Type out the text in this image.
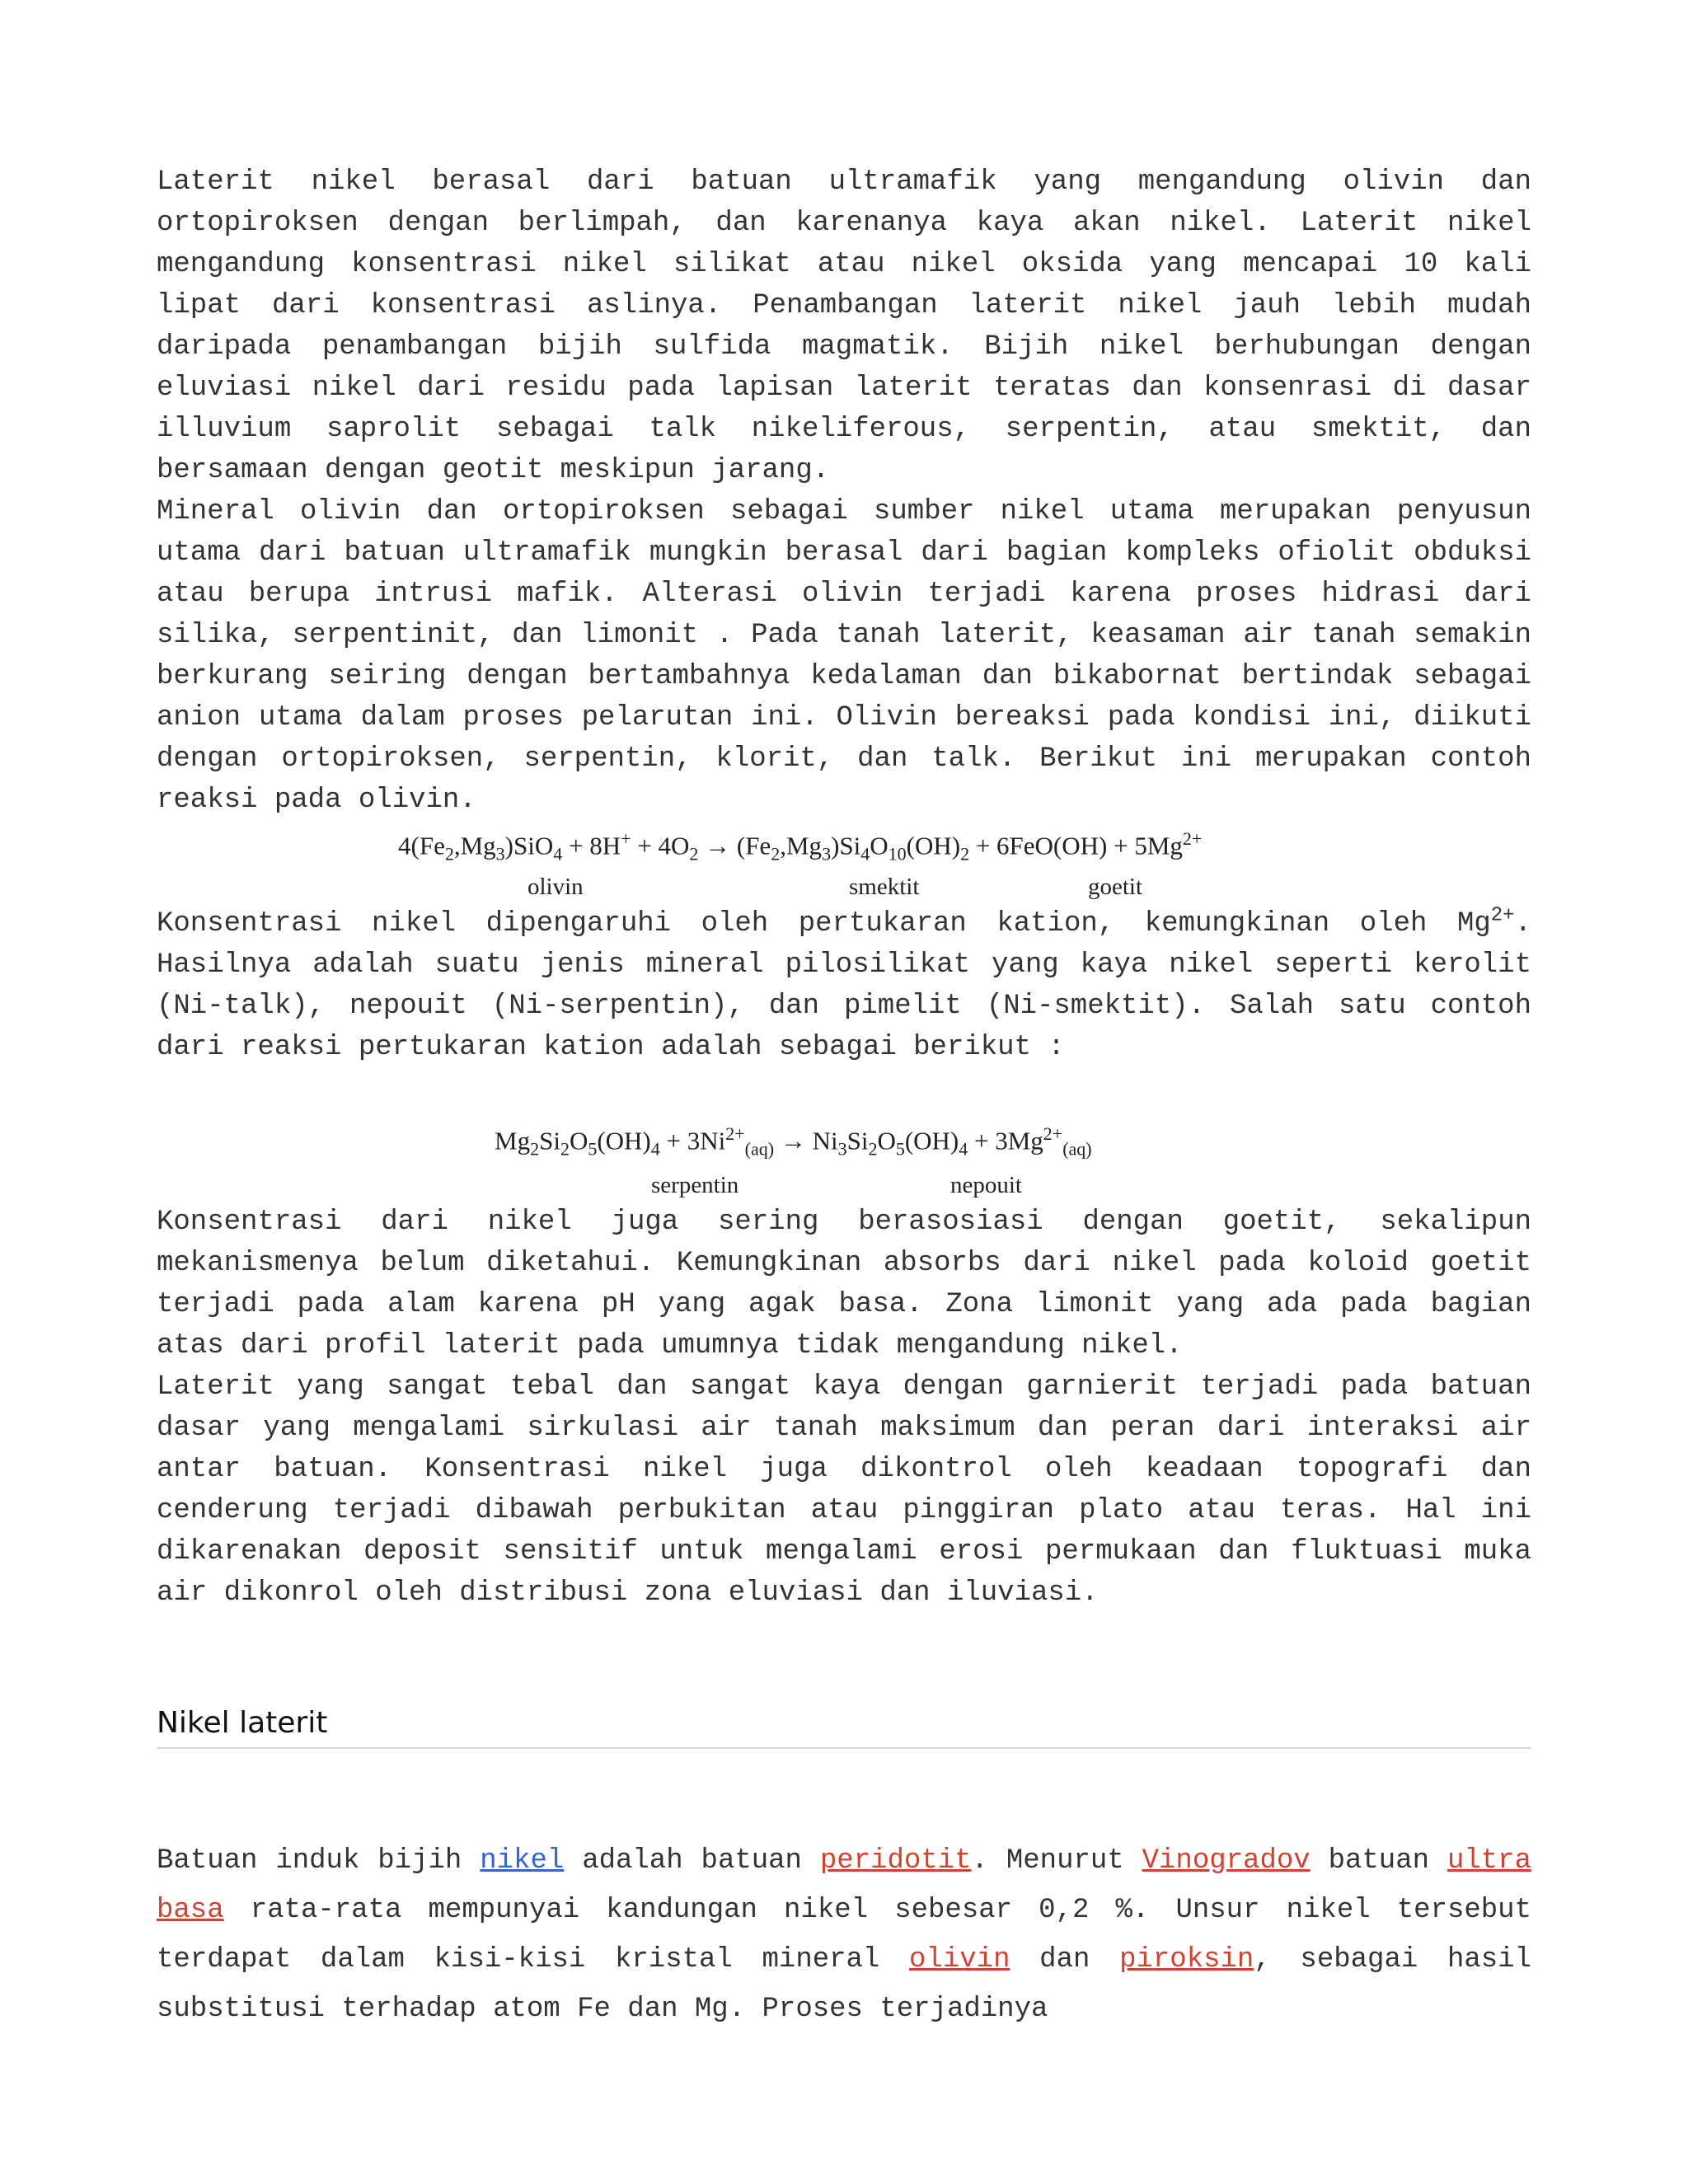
Laterit nikel berasal dari batuan ultramafik yang mengandung olivin dan ortopiroksen dengan berlimpah, dan karenanya kaya akan nikel. Laterit nikel mengandung konsentrasi nikel silikat atau nikel oksida yang mencapai 10 kali lipat dari konsentrasi aslinya. Penambangan laterit nikel jauh lebih mudah daripada penambangan bijih sulfida magmatik. Bijih nikel berhubungan dengan eluviasi nikel dari residu pada lapisan laterit teratas dan konsenrasi di dasar illuvium saprolit sebagai talk nikeliferous, serpentin, atau smektit, dan bersamaan dengan geotit meskipun jarang.

Mineral olivin dan ortopiroksen sebagai sumber nikel utama merupakan penyusun utama dari batuan ultramafik mungkin berasal dari bagian kompleks ofiolit obduksi atau berupa intrusi mafik. Alterasi olivin terjadi karena proses hidrasi dari silika, serpentinit, dan limonit . Pada tanah laterit, keasaman air tanah semakin berkurang seiring dengan bertambahnya kedalaman dan bikabornat bertindak sebagai anion utama dalam proses pelarutan ini. Olivin bereaksi pada kondisi ini, diikuti dengan ortopiroksen, serpentin, klorit, dan talk. Berikut ini merupakan contoh reaksi pada olivin.

$4(Fe_2,Mg_3)SiO_4 + 8H^+ + 4O_2 \to (Fe_2,Mg_3)Si_4O_{10}(OH)_2 + 6FeO(OH) + 5Mg^{2+}$
olivin	smektit	goetit

Konsentrasi nikel dipengaruhi oleh pertukaran kation, kemungkinan oleh $Mg^{2+}$. Hasilnya adalah suatu jenis mineral pilosilikat yang kaya nikel seperti kerolit (Ni-talk), nepouit (Ni-serpentin), dan pimelit (Ni-smektit). Salah satu contoh dari reaksi pertukaran kation adalah sebagai berikut :

$Mg_2Si_2O_5(OH)_4 + 3Ni^{2+}_{(aq)} \to Ni_3Si_2O_5(OH)_4 + 3Mg^{2+}_{(aq)}$
serpentin	nepouit

Konsentrasi dari nikel juga sering berasosiasi dengan goetit, sekalipun mekanismenya belum diketahui. Kemungkinan absorbs dari nikel pada koloid goetit terjadi pada alam karena pH yang agak basa. Zona limonit yang ada pada bagian atas dari profil laterit pada umumnya tidak mengandung nikel.

Laterit yang sangat tebal dan sangat kaya dengan garnierit terjadi pada batuan dasar yang mengalami sirkulasi air tanah maksimum dan peran dari interaksi air antar batuan. Konsentrasi nikel juga dikontrol oleh keadaan topografi dan cenderung terjadi dibawah perbukitan atau pinggiran plato atau teras. Hal ini dikarenakan deposit sensitif untuk mengalami erosi permukaan dan fluktuasi muka air dikonrol oleh distribusi zona eluviasi dan iluviasi.

Nikel laterit

Batuan induk bijih nikel adalah batuan peridotit. Menurut Vinogradov batuan ultra basa rata-rata mempunyai kandungan nikel sebesar 0,2 %. Unsur nikel tersebut terdapat dalam kisi-kisi kristal mineral olivin dan piroksin, sebagai hasil substitusi terhadap atom Fe dan Mg. Proses terjadinya
